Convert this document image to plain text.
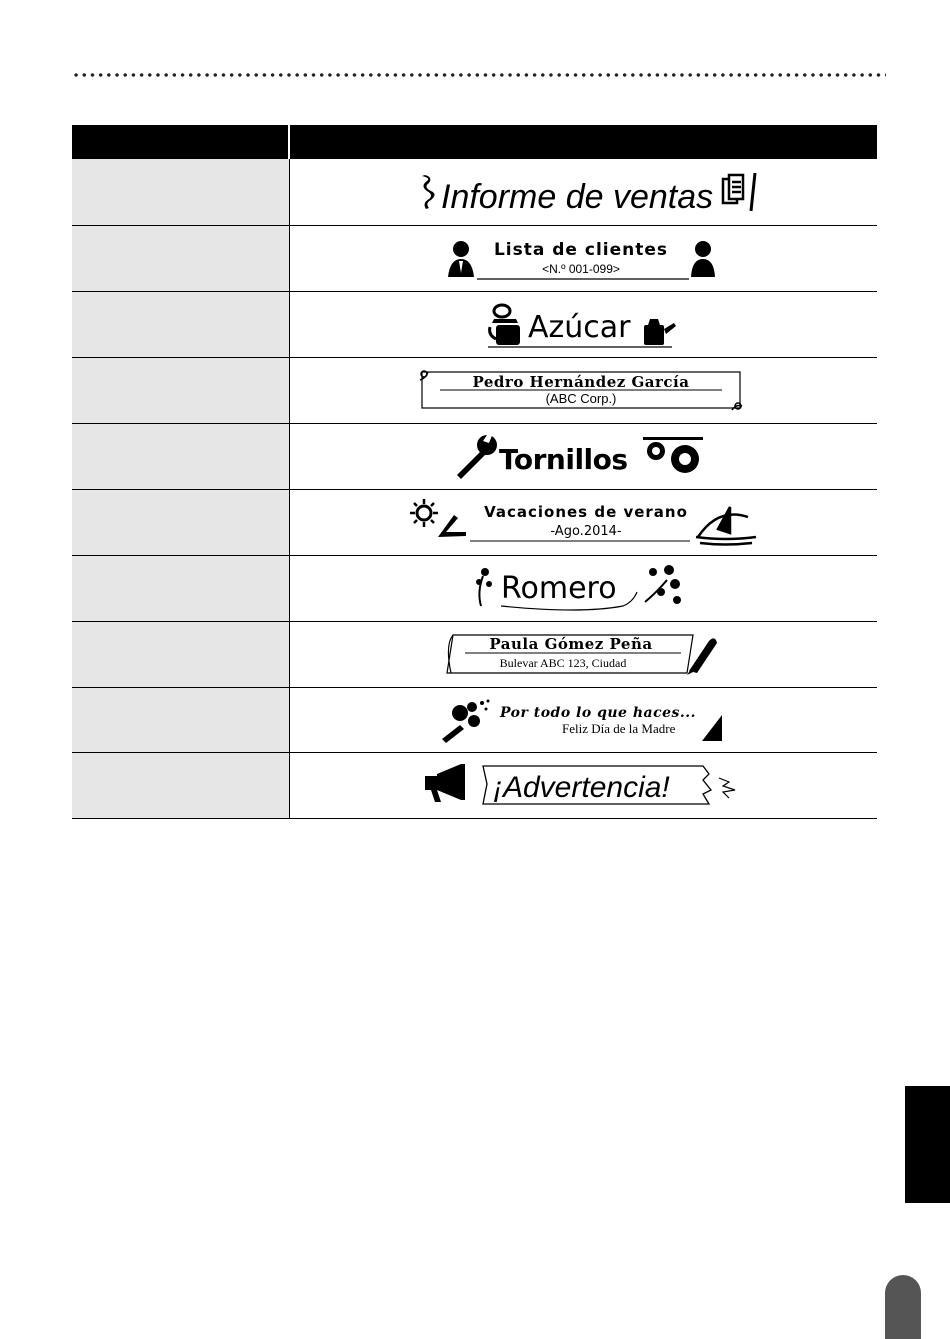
Informe de ventas

Lista de clientes
<N.º 001-099>

Azúcar

Pedro Hernández García
(ABC Corp.)

Tornillos

Vacaciones de verano
-Ago.2014-

Romero

Paula Gómez Peña
Bulevar ABC 123, Ciudad

Por todo lo que haces...
Feliz Día de la Madre

¡Advertencia!
